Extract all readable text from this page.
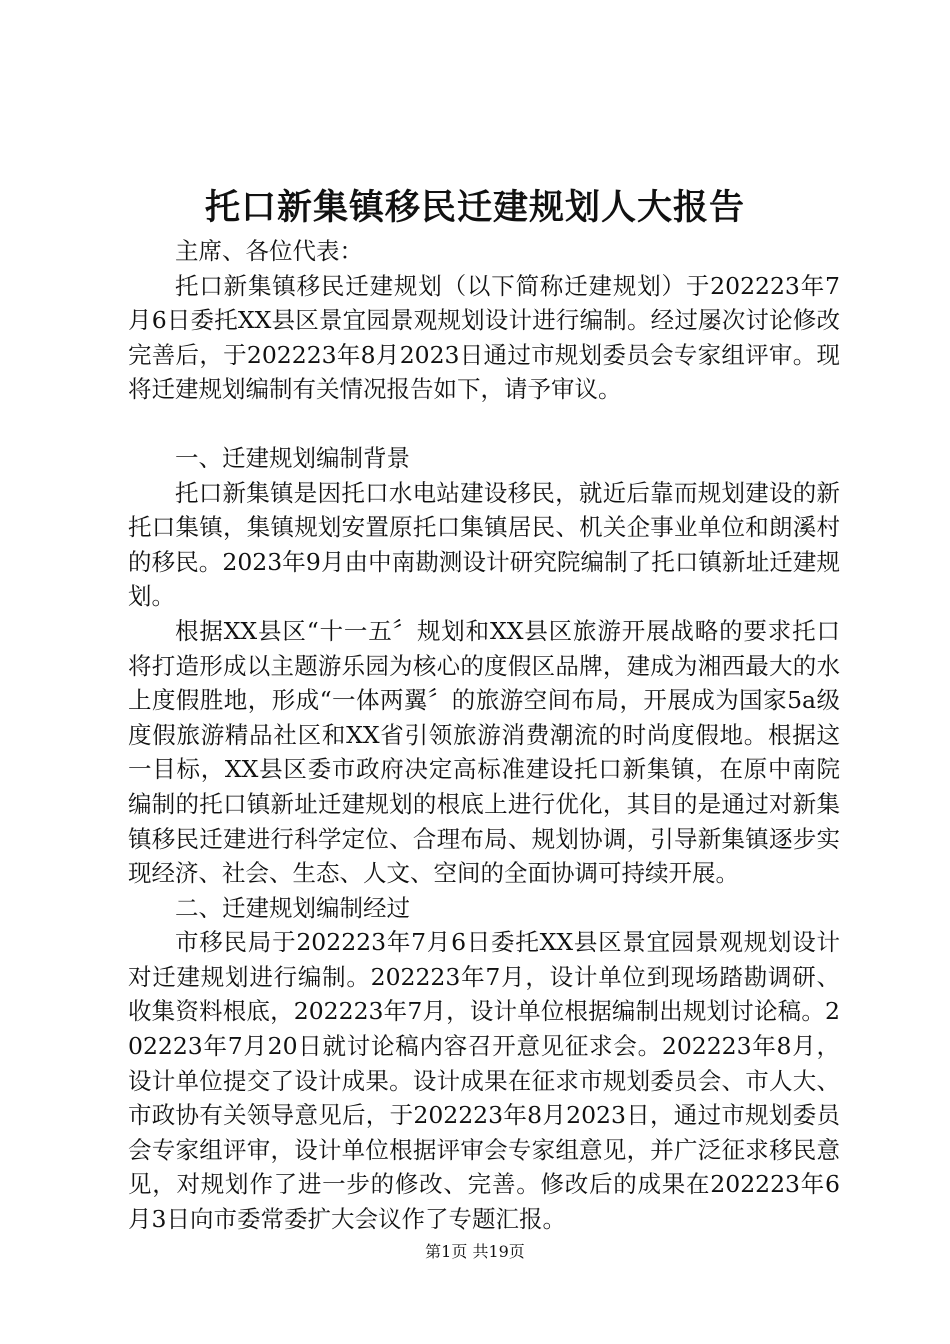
托口新集镇移民迁建规划人大报告

主席、各位代表：

托口新集镇移民迁建规划（以下简称迁建规划）于202223年7月6日委托XX县区景宜园景观规划设计进行编制。经过屡次讨论修改完善后，于202223年8月2023日通过市规划委员会专家组评审。现将迁建规划编制有关情况报告如下，请予审议。

一、迁建规划编制背景

托口新集镇是因托口水电站建设移民，就近后靠而规划建设的新托口集镇，集镇规划安置原托口集镇居民、机关企事业单位和朗溪村的移民。2023年9月由中南勘测设计研究院编制了托口镇新址迁建规划。

根据XX县区“十一五〞规划和XX县区旅游开展战略的要求托口将打造形成以主题游乐园为核心的度假区品牌，建成为湘西最大的水上度假胜地，形成“一体两翼〞的旅游空间布局，开展成为国家5a级度假旅游精品社区和XX省引领旅游消费潮流的时尚度假地。根据这一目标，XX县区委市政府决定高标准建设托口新集镇，在原中南院编制的托口镇新址迁建规划的根底上进行优化，其目的是通过对新集镇移民迁建进行科学定位、合理布局、规划协调，引导新集镇逐步实现经济、社会、生态、人文、空间的全面协调可持续开展。

二、迁建规划编制经过

市移民局于202223年7月6日委托XX县区景宜园景观规划设计对迁建规划进行编制。202223年7月，设计单位到现场踏勘调研、收集资料根底，202223年7月，设计单位根据编制出规划讨论稿。202223年7月20日就讨论稿内容召开意见征求会。202223年8月，设计单位提交了设计成果。设计成果在征求市规划委员会、市人大、市政协有关领导意见后，于202223年8月2023日，通过市规划委员会专家组评审，设计单位根据评审会专家组意见，并广泛征求移民意见，对规划作了进一步的修改、完善。修改后的成果在202223年6月3日向市委常委扩大会议作了专题汇报。

第1页 共19页
